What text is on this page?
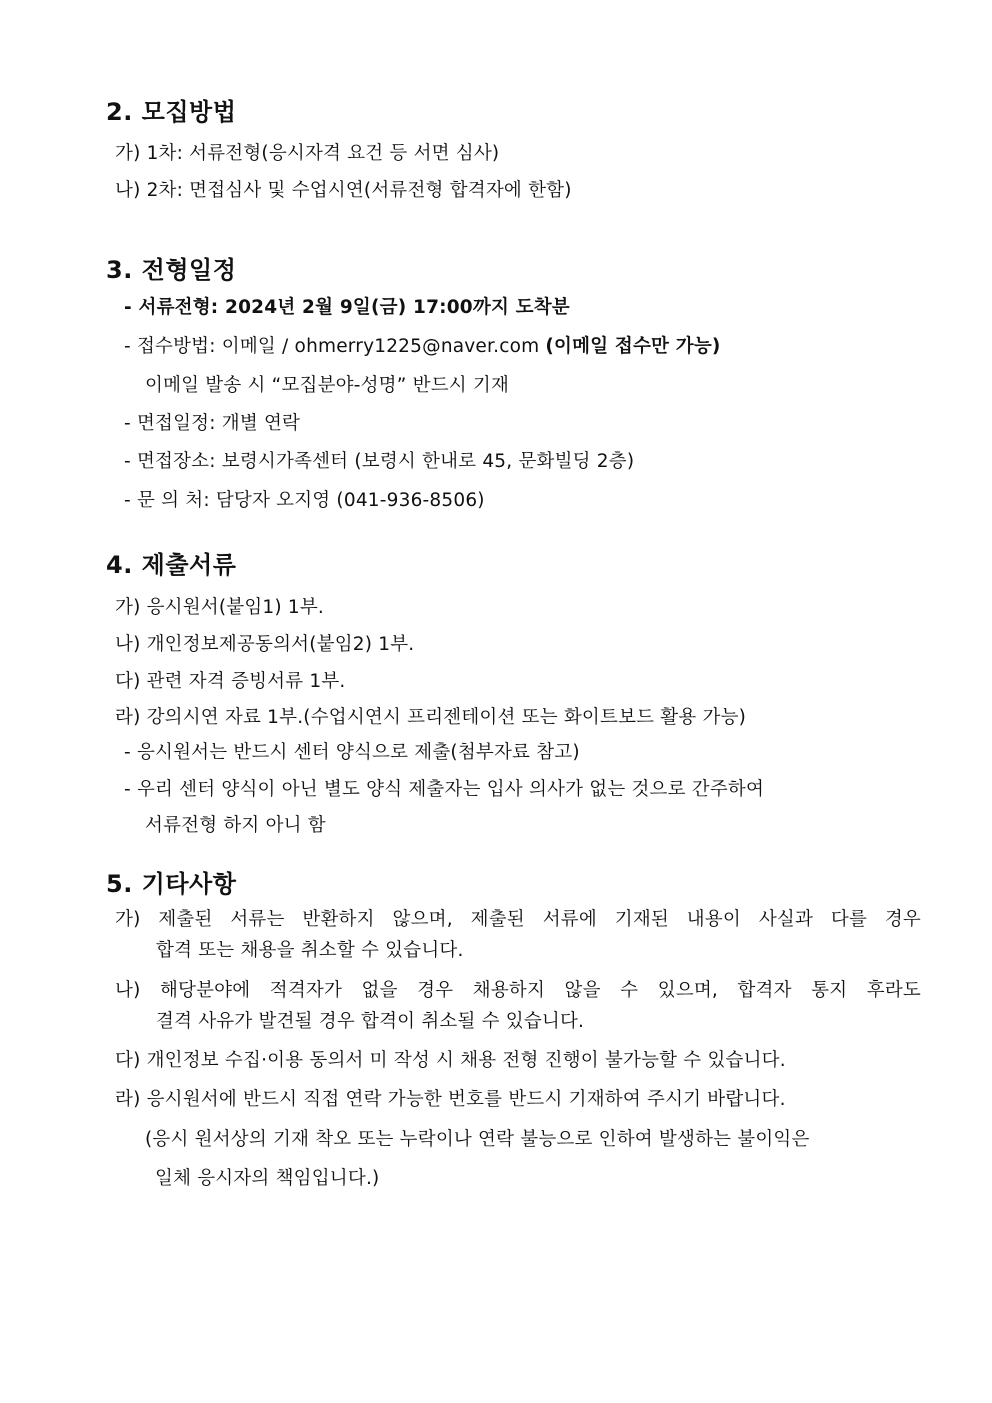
2. 모집방법
가) 1차: 서류전형(응시자격 요건 등 서면 심사)
나) 2차: 면접심사 및 수업시연(서류전형 합격자에 한함)
3. 전형일정
- 서류전형: 2024년 2월 9일(금) 17:00까지 도착분
- 접수방법: 이메일 / ohmerry1225@naver.com (이메일 접수만 가능)
이메일 발송 시 “모집분야-성명” 반드시 기재
- 면접일정: 개별 연락
- 면접장소: 보령시가족센터 (보령시 한내로 45, 문화빌딩 2층)
- 문 의 처: 담당자 오지영 (041-936-8506)
4. 제출서류
가) 응시원서(붙임1) 1부.
나) 개인정보제공동의서(붙임2) 1부.
다) 관련 자격 증빙서류 1부.
라) 강의시연 자료 1부.(수업시연시 프리젠테이션 또는 화이트보드 활용 가능)
- 응시원서는 반드시 센터 양식으로 제출(첨부자료 참고)
- 우리 센터 양식이 아닌 별도 양식 제출자는 입사 의사가 없는 것으로 간주하여
서류전형 하지 아니 함
5. 기타사항
가) 제출된 서류는 반환하지 않으며, 제출된 서류에 기재된 내용이 사실과 다를 경우
합격 또는 채용을 취소할 수 있습니다.
나) 해당분야에 적격자가 없을 경우 채용하지 않을 수 있으며, 합격자 통지 후라도
결격 사유가 발견될 경우 합격이 취소될 수 있습니다.
다) 개인정보 수집·이용 동의서 미 작성 시 채용 전형 진행이 불가능할 수 있습니다.
라) 응시원서에 반드시 직접 연락 가능한 번호를 반드시 기재하여 주시기 바랍니다.
(응시 원서상의 기재 착오 또는 누락이나 연락 불능으로 인하여 발생하는 불이익은
일체 응시자의 책임입니다.)
